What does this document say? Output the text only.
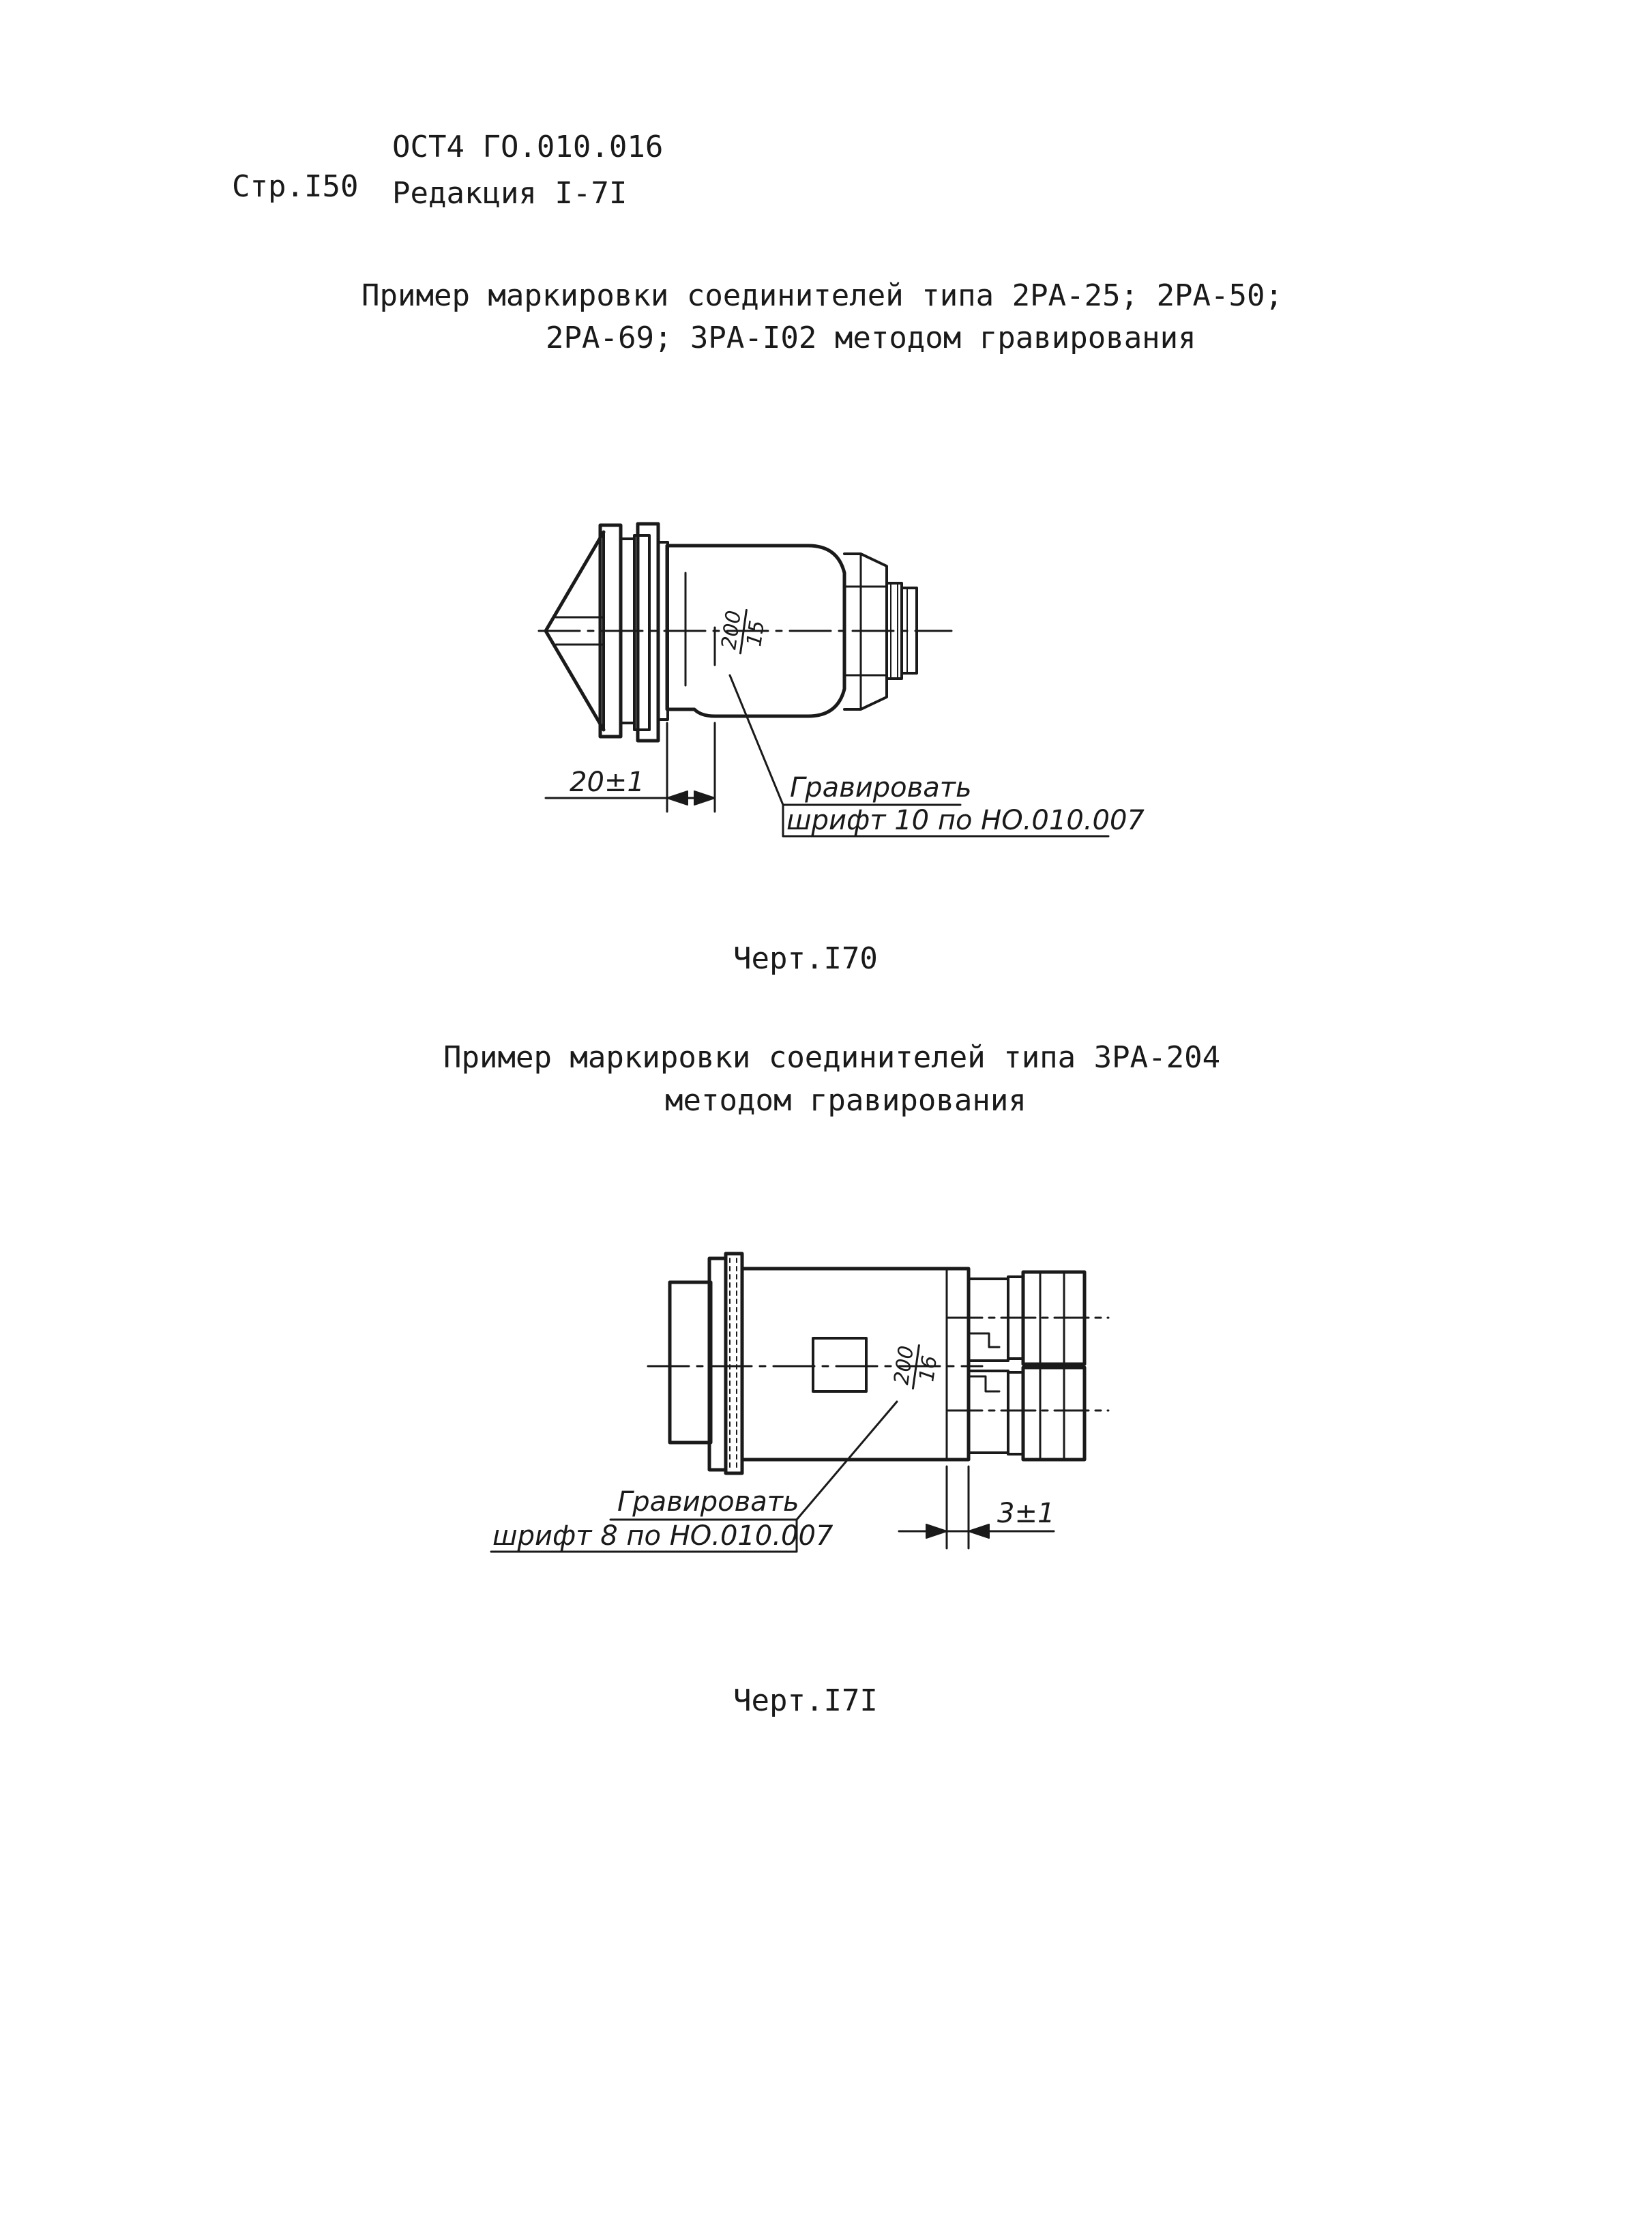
ОСТ4 ГО.010.016
Стр.I50 Редакция I-7I
Пример маркировки соединителей типа 2РА-25; 2РА-50;
2РА-69; 3РА-I02 методом гравирования
Черт.I70
Пример маркировки соединителей типа 3РА-204
методом гравирования
Черт.I7I
200
15
Гравировать
шрифт 10 по НО.010.007
20±1
200
16
Гравировать
шрифт 8 по НО.010.007
3±1
